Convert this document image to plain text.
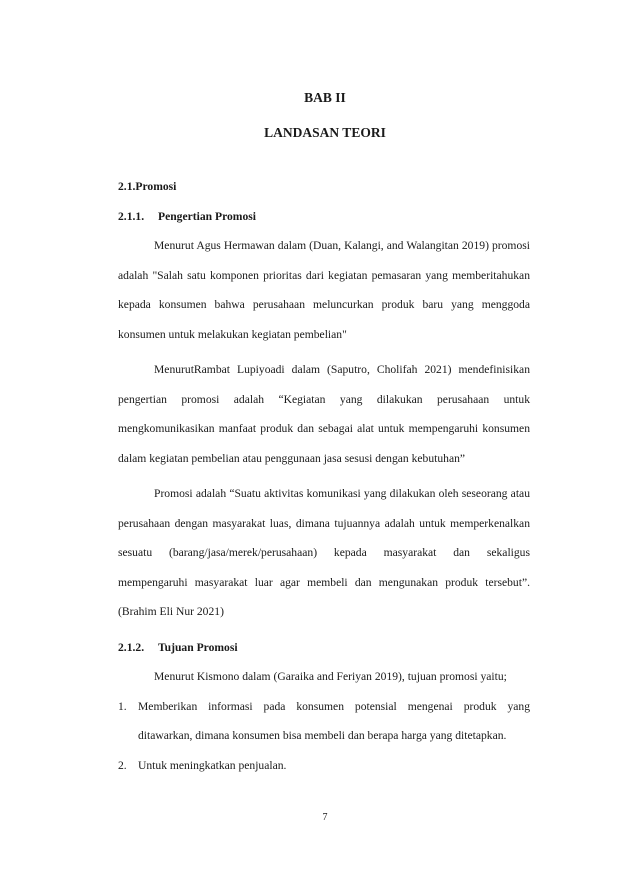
BAB II
LANDASAN TEORI
2.1.Promosi
2.1.1. Pengertian Promosi

Menurut Agus Hermawan dalam (Duan, Kalangi, and Walangitan 2019) promosi adalah "Salah satu komponen prioritas dari kegiatan pemasaran yang memberitahukan kepada konsumen bahwa perusahaan meluncurkan produk baru yang menggoda konsumen untuk melakukan kegiatan pembelian"

MenurutRambat Lupiyoadi dalam (Saputro, Cholifah 2021) mendefinisikan pengertian promosi adalah “Kegiatan yang dilakukan perusahaan untuk mengkomunikasikan manfaat produk dan sebagai alat untuk mempengaruhi konsumen dalam kegiatan pembelian atau penggunaan jasa sesusi dengan kebutuhan”

Promosi adalah “Suatu aktivitas komunikasi yang dilakukan oleh seseorang atau perusahaan dengan masyarakat luas, dimana tujuannya adalah untuk memperkenalkan sesuatu (barang/jasa/merek/perusahaan) kepada masyarakat dan sekaligus mempengaruhi masyarakat luar agar membeli dan mengunakan produk tersebut”.(Brahim Eli Nur 2021)

2.1.2. Tujuan Promosi

Menurut Kismono dalam (Garaika and Feriyan 2019), tujuan promosi yaitu;

1. Memberikan informasi pada konsumen potensial mengenai produk yang ditawarkan, dimana konsumen bisa membeli dan berapa harga yang ditetapkan.
2. Untuk meningkatkan penjualan.
7
